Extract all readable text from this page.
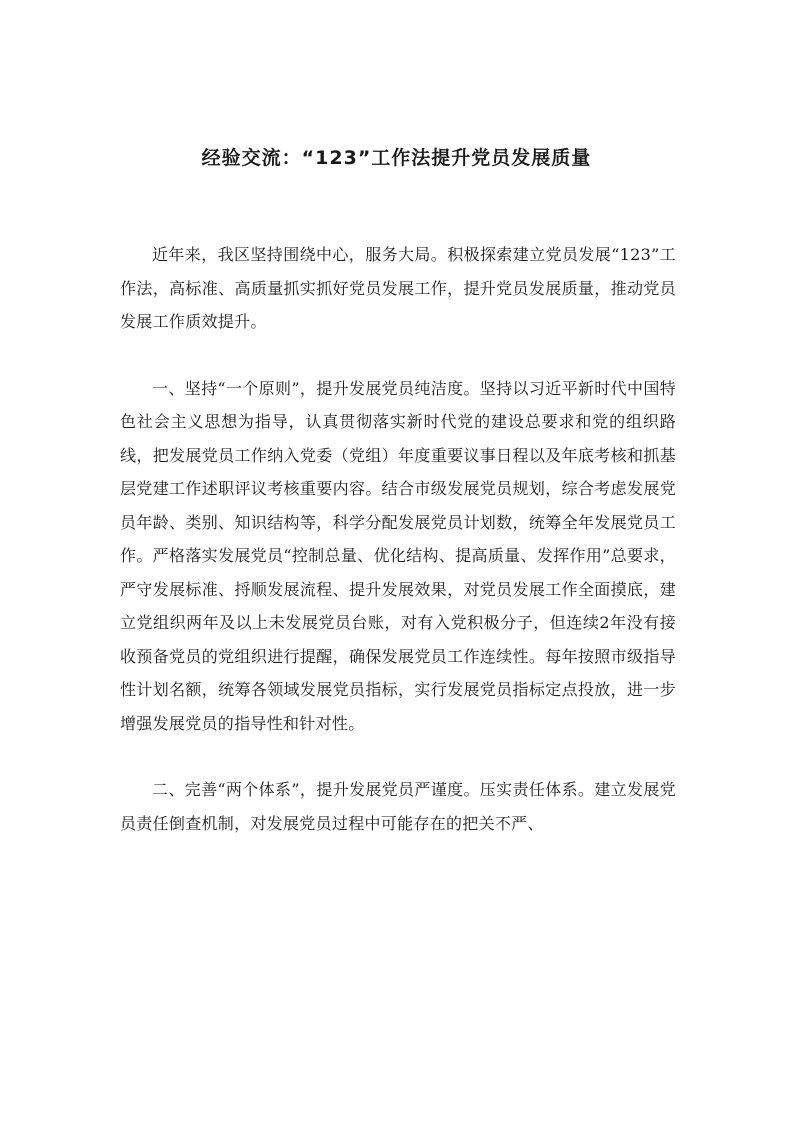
经验交流：“123”工作法提升党员发展质量

近年来，我区坚持围绕中心，服务大局。积极探索建立党员发展“123”工作法，高标准、高质量抓实抓好党员发展工作，提升党员发展质量，推动党员发展工作质效提升。

一、坚持“一个原则”，提升发展党员纯洁度。坚持以习近平新时代中国特色社会主义思想为指导，认真贯彻落实新时代党的建设总要求和党的组织路线，把发展党员工作纳入党委（党组）年度重要议事日程以及年底考核和抓基层党建工作述职评议考核重要内容。结合市级发展党员规划，综合考虑发展党员年龄、类别、知识结构等，科学分配发展党员计划数，统筹全年发展党员工作。严格落实发展党员“控制总量、优化结构、提高质量、发挥作用”总要求，严守发展标准、捋顺发展流程、提升发展效果，对党员发展工作全面摸底，建立党组织两年及以上未发展党员台账，对有入党积极分子，但连续2年没有接收预备党员的党组织进行提醒，确保发展党员工作连续性。每年按照市级指导性计划名额，统筹各领域发展党员指标，实行发展党员指标定点投放，进一步增强发展党员的指导性和针对性。

二、完善“两个体系”，提升发展党员严谨度。压实责任体系。建立发展党员责任倒查机制，对发展党员过程中可能存在的把关不严、
